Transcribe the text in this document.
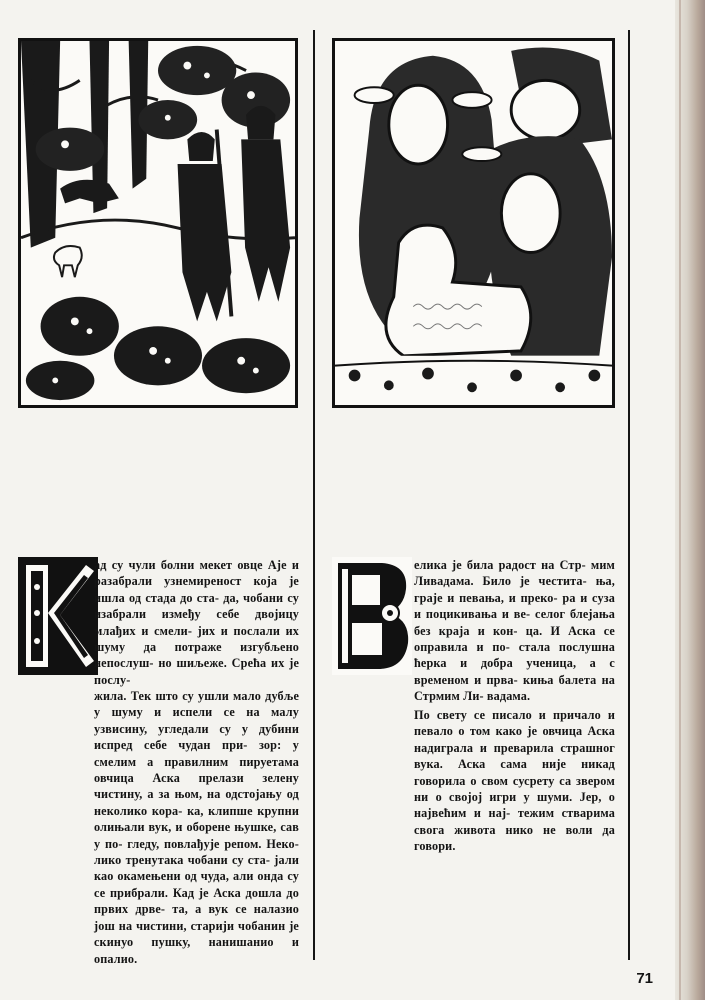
ад су чули болни мекет овце Аје и разабрали узнемиреност која је ишла од стада до ста- да, чобани су изабрали између себе двојицу млађих и смели- јих и послали их шуму да потраже изгубљено непослуш- но шиљеже. Срећа их је послу-

жила. Тек што су ушли мало дубље у шуму и испели се на малу узвисину, угледали су у дубини испред себе чудан при- зор: у смелим а правилним пируетама овчица Аска прелази зелену чистину, а за њом, на одстојању од неколико кора- ка, клипше крупни олињали вук, и оборене њушке, сав у по- гледу, повлађује репом. Неко- лико тренутака чобани су ста- јали као окамењени од чуда, али онда су се прибрали. Кад је Аска дошла до првих дрве- та, а вук се налазио још на чистини, старији чобанин је скинуо пушку, нанишанио и опалио.

елика је била радост на Стр- мим Ливадама. Било је честита- ња, граје и певања, и преко- ра и суза и поцикивања и ве- селог блејања без краја и кон- ца. И Аска се оправила и по- стала послушна ћерка и добра ученица, а с временом и прва- киња балета на Стрмим Ли- вадама.

По свету се писало и причало и певало о том како је овчица Аска надиграла и преварила страшног вука. Аска сама није никад говорила о свом сусрету са зверoм ни о својој игри у шуми. Јер, о највећим и нај- тежим стварима свога живота нико не воли да говори.

71
